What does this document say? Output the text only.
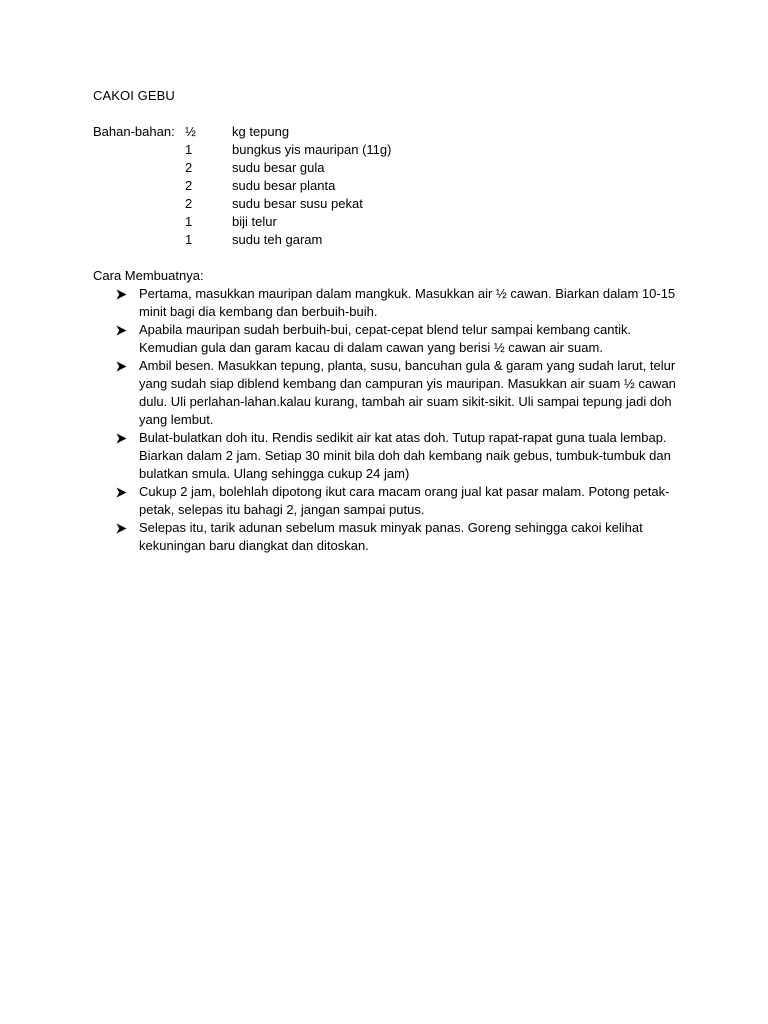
CAKOI GEBU
Bahan-bahan: ½	kg tepung
1	bungkus yis mauripan (11g)
2	sudu besar gula
2	sudu besar planta
2	sudu besar susu pekat
1	biji telur
1	sudu teh garam
Cara Membuatnya:
Pertama, masukkan mauripan dalam mangkuk. Masukkan air ½ cawan. Biarkan dalam 10-15 minit bagi dia kembang dan berbuih-buih.
Apabila mauripan sudah berbuih-bui, cepat-cepat blend telur sampai kembang cantik. Kemudian gula dan garam kacau di dalam cawan yang berisi ½ cawan air suam.
Ambil besen. Masukkan tepung, planta, susu, bancuhan gula & garam yang sudah larut, telur yang sudah siap diblend kembang dan campuran yis mauripan. Masukkan air suam ½ cawan dulu. Uli perlahan-lahan.kalau kurang, tambah air suam sikit-sikit. Uli sampai tepung jadi doh yang lembut.
Bulat-bulatkan doh itu. Rendis sedikit air kat atas doh. Tutup rapat-rapat guna tuala lembap. Biarkan dalam 2 jam. Setiap 30 minit bila doh dah kembang naik gebus, tumbuk-tumbuk dan bulatkan smula. Ulang sehingga cukup 24 jam)
Cukup 2 jam, bolehlah dipotong ikut cara macam orang jual kat pasar malam. Potong petak-petak, selepas itu bahagi 2, jangan sampai putus.
Selepas itu, tarik adunan sebelum masuk minyak panas. Goreng sehingga cakoi kelihat kekuningan baru diangkat dan ditoskan.
